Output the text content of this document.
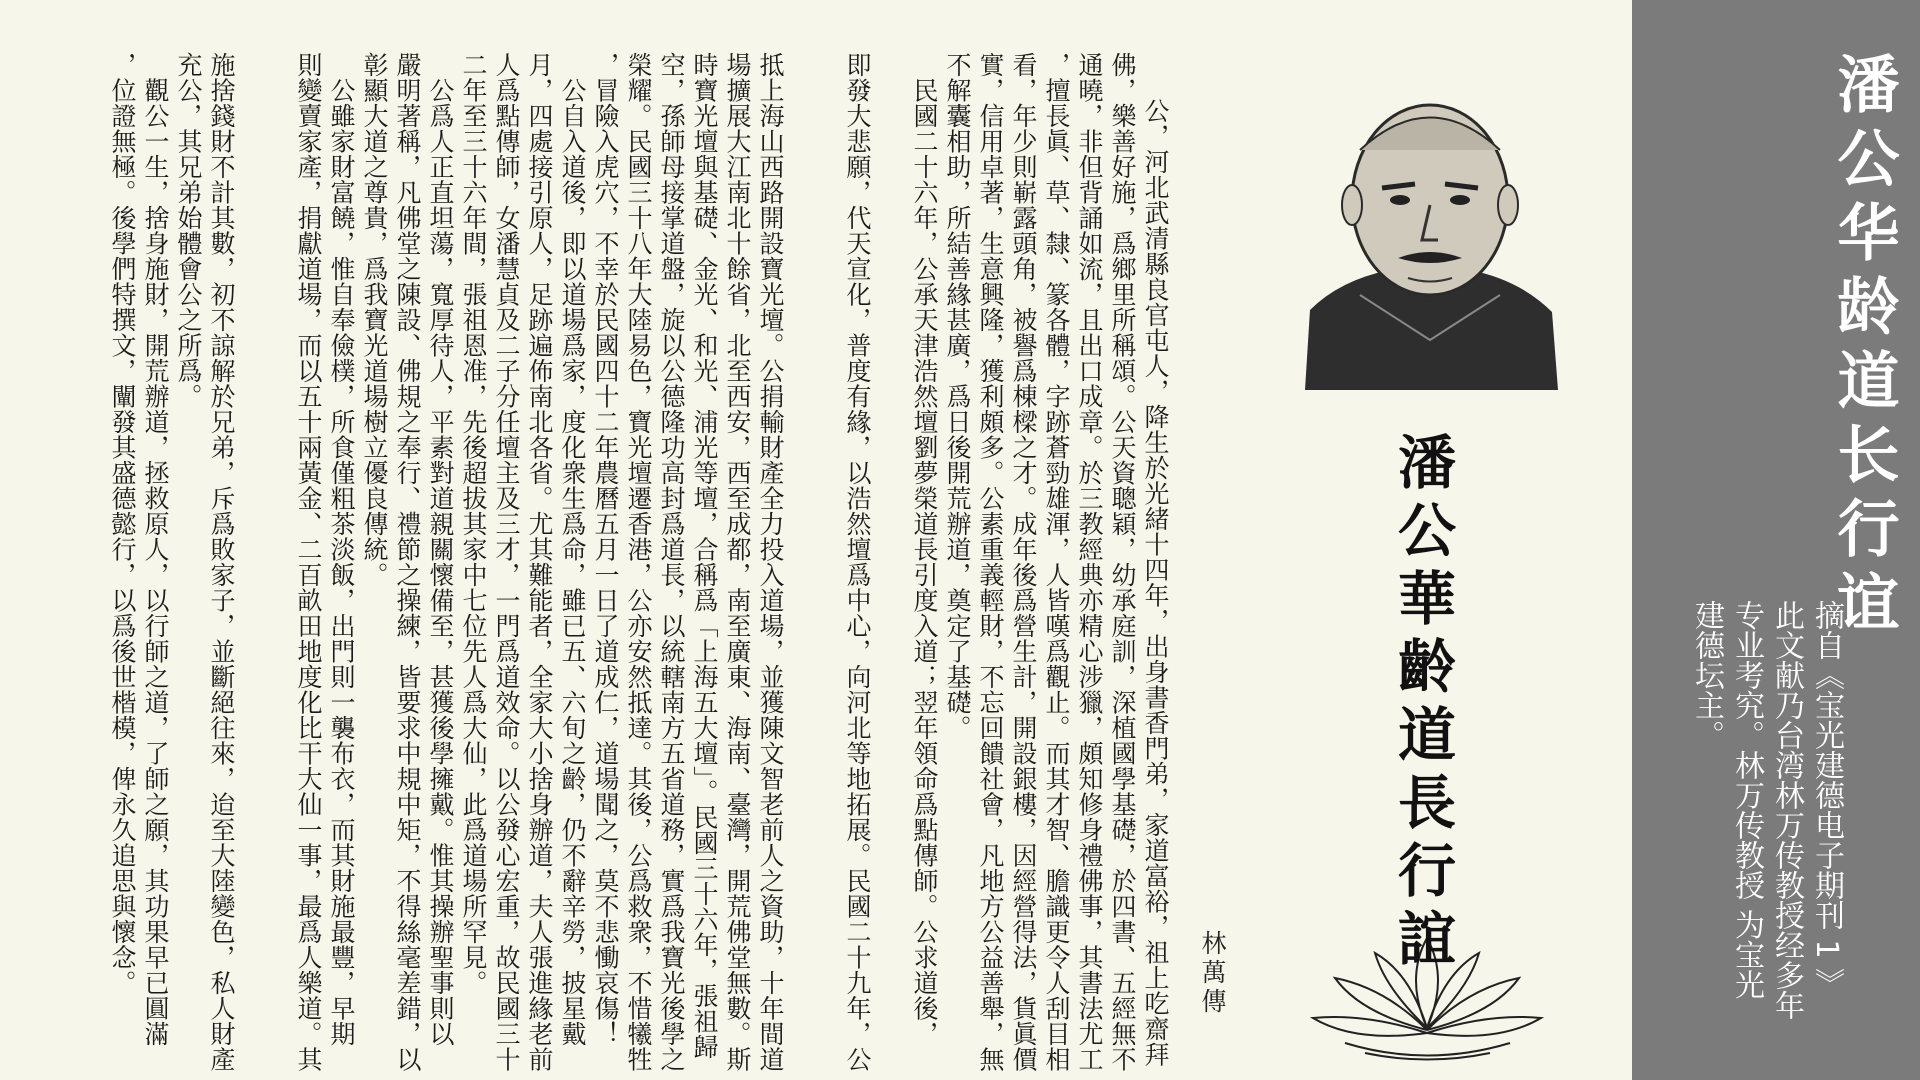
潘公華齡道長行誼
林萬傳
公，河北武清縣良官屯人，降生於光緒十四年，出身書香門弟，家道富裕，祖上吃齋拜
佛，樂善好施，爲鄉里所稱頌。公天資聰穎，幼承庭訓，深植國學基礎，於四書、五經無不
通曉，非但背誦如流，且出口成章。於三教經典亦精心涉獵，頗知修身禮佛事，其書法尤工
，擅長眞、草、隸、篆各體，字跡蒼勁雄渾，人皆嘆爲觀止。而其才智、膽識更令人刮目相
看，年少則嶄露頭角，被譽爲棟樑之才。成年後爲營生計，開設銀樓，因經營得法，貨眞價
實，信用卓著，生意興隆，獲利頗多。公素重義輕財，不忘回饋社會，凡地方公益善舉，無
不解囊相助，所結善緣甚廣，爲日後開荒辦道，奠定了基礎。
　民國二十六年，公承天津浩然壇劉夢榮道長引度入道；翌年領命爲點傳師。公求道後，
即發大悲願，代天宣化，普度有緣，以浩然壇爲中心，向河北等地拓展。民國二十九年，公
抵上海山西路開設寶光壇。公捐輸財產全力投入道場，並獲陳文智老前人之資助，十年間道
場擴展大江南北十餘省，北至西安，西至成都，南至廣東、海南、臺灣，開荒佛堂無數。斯
時寶光壇與基礎、金光、和光、浦光等壇，合稱爲「上海五大壇」。民國三十六年，張祖歸
空，孫師母接掌道盤，旋以公德隆功高封爲道長，以統轄南方五省道務，實爲我寶光後學之
榮耀。民國三十八年大陸易色，寶光壇遷香港，公亦安然抵達。其後，公爲救衆，不惜犧牲
，冒險入虎穴，不幸於民國四十二年農曆五月一日了道成仁，道場聞之，莫不悲慟哀傷！
　公自入道後，即以道場爲家，度化衆生爲命，雖已五、六旬之齡，仍不辭辛勞，披星戴
月，四處接引原人，足跡遍佈南北各省。尤其難能者，全家大小捨身辦道，夫人張進緣老前
人爲點傳師，女潘慧貞及二子分任壇主及三才，一門爲道效命。以公發心宏重，故民國三十
二年至三十六年間，張祖恩准，先後超拔其家中七位先人爲大仙，此爲道場所罕見。
　公爲人正直坦蕩，寬厚待人，平素對道親關懷備至，甚獲後學擁戴。惟其操辦聖事則以
嚴明著稱，凡佛堂之陳設、佛規之奉行、禮節之操練，皆要求中規中矩，不得絲毫差錯，以
彰顯大道之尊貴，爲我寶光道場樹立優良傳統。
　公雖家財富饒，惟自奉儉樸，所食僅粗茶淡飯，出門則一襲布衣，而其財施最豐，早期
則變賣家產，捐獻道場，而以五十兩黃金、二百畝田地度化比干大仙一事，最爲人樂道。其
施捨錢財不計其數，初不諒解於兄弟，斥爲敗家子，並斷絕往來，迨至大陸變色，私人財產
充公，其兄弟始體會公之所爲。
　觀公一生，捨身施財，開荒辦道，拯救原人，以行師之道，了師之願，其功果早已圓滿
，位證無極。後學們特撰文，闡發其盛德懿行，以爲後世楷模，俾永久追思與懷念。	潘公华龄道长行谊
摘自《宝光建德电子期刊 1 》
此文献乃台湾林万传教授经多年
专业考究。林万传教授 为宝光
建德坛主。
